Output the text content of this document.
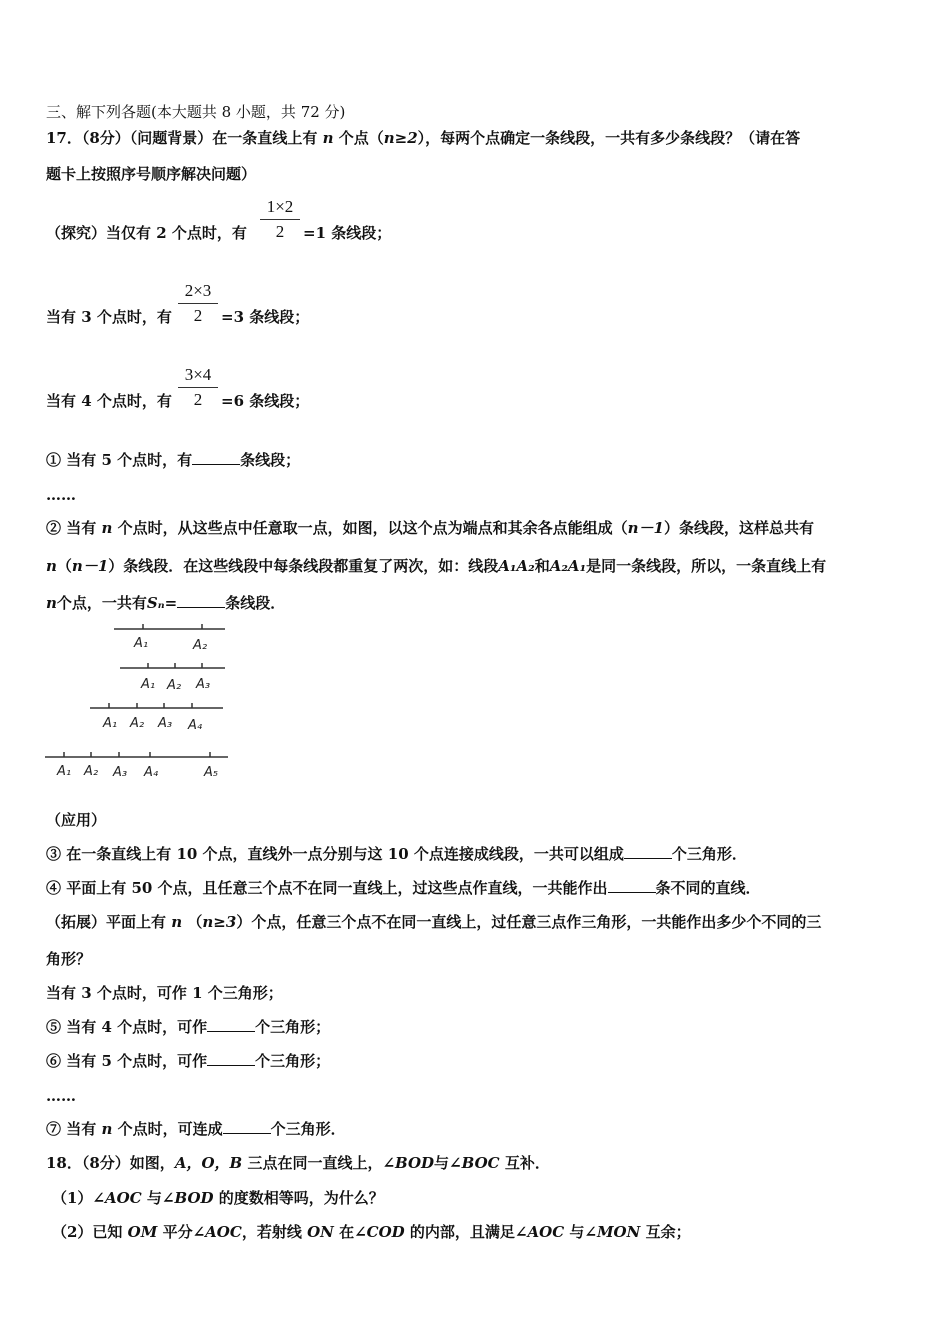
三、解下列各题(本大题共 8 小题，共 72 分)
17．（8分）（问题背景）在一条直线上有 n 个点（n≥2），每两个点确定一条线段，一共有多少条线段？（请在答
题卡上按照序号顺序解决问题）
（探究）当仅有 2 个点时，有 $\frac{1\times 2}{2} =1$ 条线段；
当有 3 个点时，有 $\frac{2\times 3}{2} =3$ 条线段；
当有 4 个点时，有 $\frac{3\times 4}{2} =6$ 条线段；
① 当有 5 个点时，有	条线段；
……
② 当有 n 个点时，从这些点中任意取一点，如图，以这个点为端点和其余各点能组成（n－1）条线段，这样总共有
n（n－1）条线段．在这些线段中每条线段都重复了两次，如：线段A₁A₂和A₂A₁是同一条线段，所以，一条直线上有
n个点，一共有Sₙ=	条线段．
A₁	A₂
A₁ A₂ A₃
A₁ A₂ A₃ A₄
A₁ A₂ A₃ A₄	A₅
（应用）
③ 在一条直线上有 10 个点，直线外一点分别与这 10 个点连接成线段，一共可以组成	个三角形．
④ 平面上有 50 个点，且任意三个点不在同一直线上，过这些点作直线，一共能作出	条不同的直线．
（拓展）平面上有 n （n≥3）个点，任意三个点不在同一直线上，过任意三点作三角形，一共能作出多少个不同的三
角形？
当有 3 个点时，可作 1 个三角形；
⑤ 当有 4 个点时，可作	个三角形；
⑥ 当有 5 个点时，可作	个三角形；
……
⑦ 当有 n 个点时，可连成	个三角形．
18．（8分）如图，A，O，B 三点在同一直线上，∠BOD与∠BOC 互补．
（1）∠AOC 与∠BOD 的度数相等吗，为什么？
（2）已知 OM 平分∠AOC，若射线 ON 在∠COD 的内部，且满足∠AOC 与∠MON 互余；
